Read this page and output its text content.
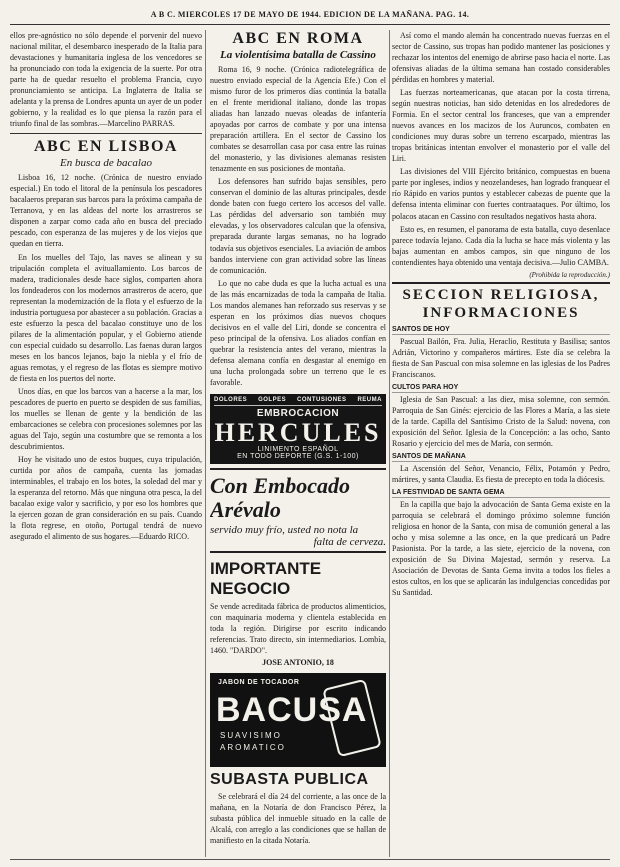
A B C. MIERCOLES 17 DE MAYO DE 1944. EDICION DE LA MAÑANA. PAG. 14.

ellos pre-agnóstico no sólo depende el porvenir del nuevo nacional militar, el desembarco inesperado de la Italia para devastaciones y humanitaria inglesa de los vencedores se ha pronunciado con toda la exigencia de la suerte. Por otra parte ha de quedar resuelto el problema Francia, cuyo pronunciamiento se anticipa. La Inglaterra de Italia se adelanta y la prensa de Londres apunta un ayer de un poder gobierno, y la realidad es lo que piensa la razón para el triunfo final de las sombras.—Marcelino PARRAS.

ABC EN LISBOA
En busca de bacalao

Lisboa 16, 12 noche. (Crónica de nuestro enviado especial.) En todo el litoral de la península los pescadores bacalaeros preparan sus barcos para la próxima campaña de Terranova, y en las aldeas del norte los arrastreros se disponen a zarpar como cada año en busca del preciado pescado, con esperanza de las mujeres y de los viejos que quedan en tierra.

En los muelles del Tajo, las naves se alinean y su tripulación completa el avituallamiento. Los barcos de madera, tradicionales desde hace siglos, comparten ahora los fondeaderos con los modernos arrastreros de acero, que representan la modernización de la flota y el esfuerzo de la industria portuguesa por abastecer a su población. Gracias a este esfuerzo la pesca del bacalao constituye uno de los pilares de la alimentación popular, y el Gobierno atiende con especial cuidado su desarrollo. Las faenas duran largos meses en los bancos lejanos, bajo la niebla y el frío de aguas remotas, y el regreso de las flotas es siempre motivo de fiesta en los puertos del norte.

Unos días, en que los barcos van a hacerse a la mar, los pescadores de puerto en puerto se despiden de sus familias, los muelles se llenan de gente y la bendición de las embarcaciones se celebra con procesiones solemnes por las aguas del Tajo, según una costumbre que se remonta a los descubrimientos.

Hoy he visitado uno de estos buques, cuya tripulación, curtida por años de campaña, cuenta las jornadas interminables, el trabajo en los botes, la soledad del mar y la esperanza del retorno. Más que ninguna otra pesca, la del bacalao exige valor y sacrificio, y por eso los hombres que la ejercen gozan de gran consideración en su país. Cuando la flota regrese, en otoño, Portugal tendrá de nuevo asegurado el alimento de sus hogares.—Eduardo RICO.

ABC EN ROMA
La violentísima batalla de Cassino

Roma 16, 9 noche. (Crónica radiotelegráfica de nuestro enviado especial de la Agencia Efe.) Con el mismo furor de los primeros días continúa la batalla en el frente meridional italiano, donde las tropas aliadas han lanzado nuevas oleadas de infantería apoyadas por carros de combate y por una intensa preparación artillera. En el sector de Cassino los combates se desarrollan casa por casa entre las ruinas del monasterio, y las divisiones alemanas resisten tenazmente en sus posiciones de montaña.

Los defensores han sufrido bajas sensibles, pero conservan el dominio de las alturas principales, desde donde baten con fuego certero los accesos del valle. Las pérdidas del adversario son también muy elevadas, y los observadores calculan que la ofensiva, preparada durante largas semanas, no ha logrado todavía sus objetivos esenciales. La aviación de ambos bandos interviene con gran actividad sobre las líneas de comunicación.

Lo que no cabe duda es que la lucha actual es una de las más encarnizadas de toda la campaña de Italia. Los mandos alemanes han reforzado sus reservas y se esperan en los próximos días nuevos choques decisivos en el valle del Liri, donde se concentra el peso principal de la ofensiva. Los aliados confían en quebrar la resistencia antes del verano, mientras la defensa alemana confía en desgastar al enemigo en una lucha prolongada sobre un terreno que le es favorable.

DOLORES GOLPES CONTUSIONES REUMA
EMBROCACION
HERCULES
LINIMENTO ESPAÑOL
EN TODO DEPORTE (G.S. 1-100)
Con Embocado Arévalo

servido muy frío, usted no nota la

falta de cerveza.

IMPORTANTE NEGOCIO

Se vende acreditada fábrica de productos alimenticios, con maquinaria moderna y clientela establecida en toda la región. Dirigirse por escrito indicando referencias. Trato directo, sin intermediarios. Lombía, 1460. "DARDO".

JOSE ANTONIO, 18
JABON DE TOCADOR
BACUSA
SUAVISIMO
AROMATICO
SUBASTA PUBLICA

Se celebrará el día 24 del corriente, a las once de la mañana, en la Notaría de don Francisco Pérez, la subasta pública del inmueble situado en la calle de Alcalá, con arreglo a las condiciones que se hallan de manifiesto en la citada Notaría.

Así como el mando alemán ha concentrado nuevas fuerzas en el sector de Cassino, sus tropas han podido mantener las posiciones y rechazar los intentos del enemigo de abrirse paso hacia el norte. Las ofensivas aliadas de la última semana han costado considerables pérdidas en hombres y material.

Las fuerzas norteamericanas, que atacan por la costa tirrena, según nuestras noticias, han sido detenidas en los alrededores de Formia. En el sector central los franceses, que van a emprender nuevos avances en los macizos de los Auruncos, combaten en condiciones muy duras sobre un terreno escarpado, mientras las tropas británicas intentan envolver el monasterio por el valle del Liri.

Las divisiones del VIII Ejército británico, compuestas en buena parte por ingleses, indios y neozelandeses, han logrado franquear el río Rápido en varios puntos y establecer cabezas de puente que la defensa intenta eliminar con fuertes contraataques. Por último, los polacos atacan en Cassino con resultados negativos hasta ahora.

Esto es, en resumen, el panorama de esta batalla, cuyo desenlace parece todavía lejano. Cada día la lucha se hace más violenta y las bajas aumentan en ambos campos, sin que ninguno de los contendientes haya obtenido una ventaja decisiva.—Julio CAMBA.

(Prohibida la reproducción.)
SECCION RELIGIOSA,
INFORMACIONES
SANTOS DE HOY

Pascual Bailón, Fra. Julia, Heraclio, Restituta y Basilisa; santos Adrián, Victorino y compañeros mártires. Este día se celebra la fiesta de San Pascual con misa solemne en las iglesias de los Padres Franciscanos.

CULTOS PARA HOY

Iglesia de San Pascual: a las diez, misa solemne, con sermón. Parroquia de San Ginés: ejercicio de las Flores a María, a las siete de la tarde. Capilla del Santísimo Cristo de la Salud: novena, con exposición del Señor. Iglesia de la Concepción: a las ocho, Santo Rosario y ejercicio del mes de María, con sermón.

SANTOS DE MAÑANA

La Ascensión del Señor, Venancio, Félix, Potamón y Pedro, mártires, y santa Claudia. Es fiesta de precepto en toda la diócesis.

LA FESTIVIDAD DE SANTA GEMA

En la capilla que bajo la advocación de Santa Gema existe en la parroquia se celebrará el domingo próximo solemne función religiosa en honor de la Santa, con misa de comunión general a las ocho y misa solemne a las once, en la que predicará un Padre Pasionista. Por la tarde, a las siete, ejercicio de la novena, con exposición de Su Divina Majestad, sermón y reserva. La Asociación de Devotas de Santa Gema invita a todos los fieles a estos cultos, en los que se aplicarán las indulgencias concedidas por Su Santidad.
